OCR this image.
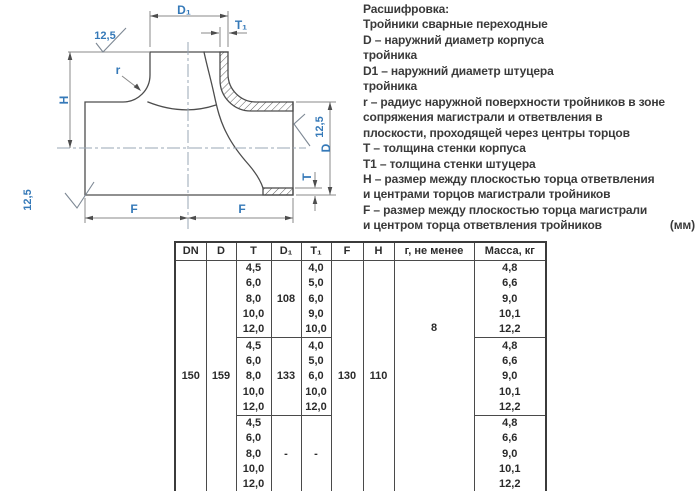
D₁
T₁
12,5
r
H
12,5
D
T
12,5	F	F
Расшифровка:
Тройники сварные переходные
D – наружний диаметр корпуса
тройника
D1 – наружний диаметр штуцера
тройника
r – радиус наружной поверхности тройников в зоне
сопряжения магистрали и ответвления в
плоскости, проходящей через центры торцов
T – толщина стенки корпуса
T1 – толщина стенки штуцера
H – размер между плоскостью торца ответвления
и центрами торцов магистрали тройников
F – размер между плоскостью торца магистрали
и центром торца ответвления тройников	(мм)
DN	D	T	D₁	T₁	F	H	г, не менее	Масса, кг
150	159	4,5	108	4,0	130	110	8	4,8
		6,0		5,0				6,6
		8,0		6,0				9,0
		10,0		9,0				10,1
		12,0		10,0				12,2
		4,5	133	4,0				4,8
		6,0		5,0				6,6
		8,0		6,0				9,0
		10,0		10,0				10,1
		12,0		12,0				12,2
		4,5	-	-				4,8
		6,0						6,6
		8,0						9,0
		10,0						10,1
		12,0						12,2
